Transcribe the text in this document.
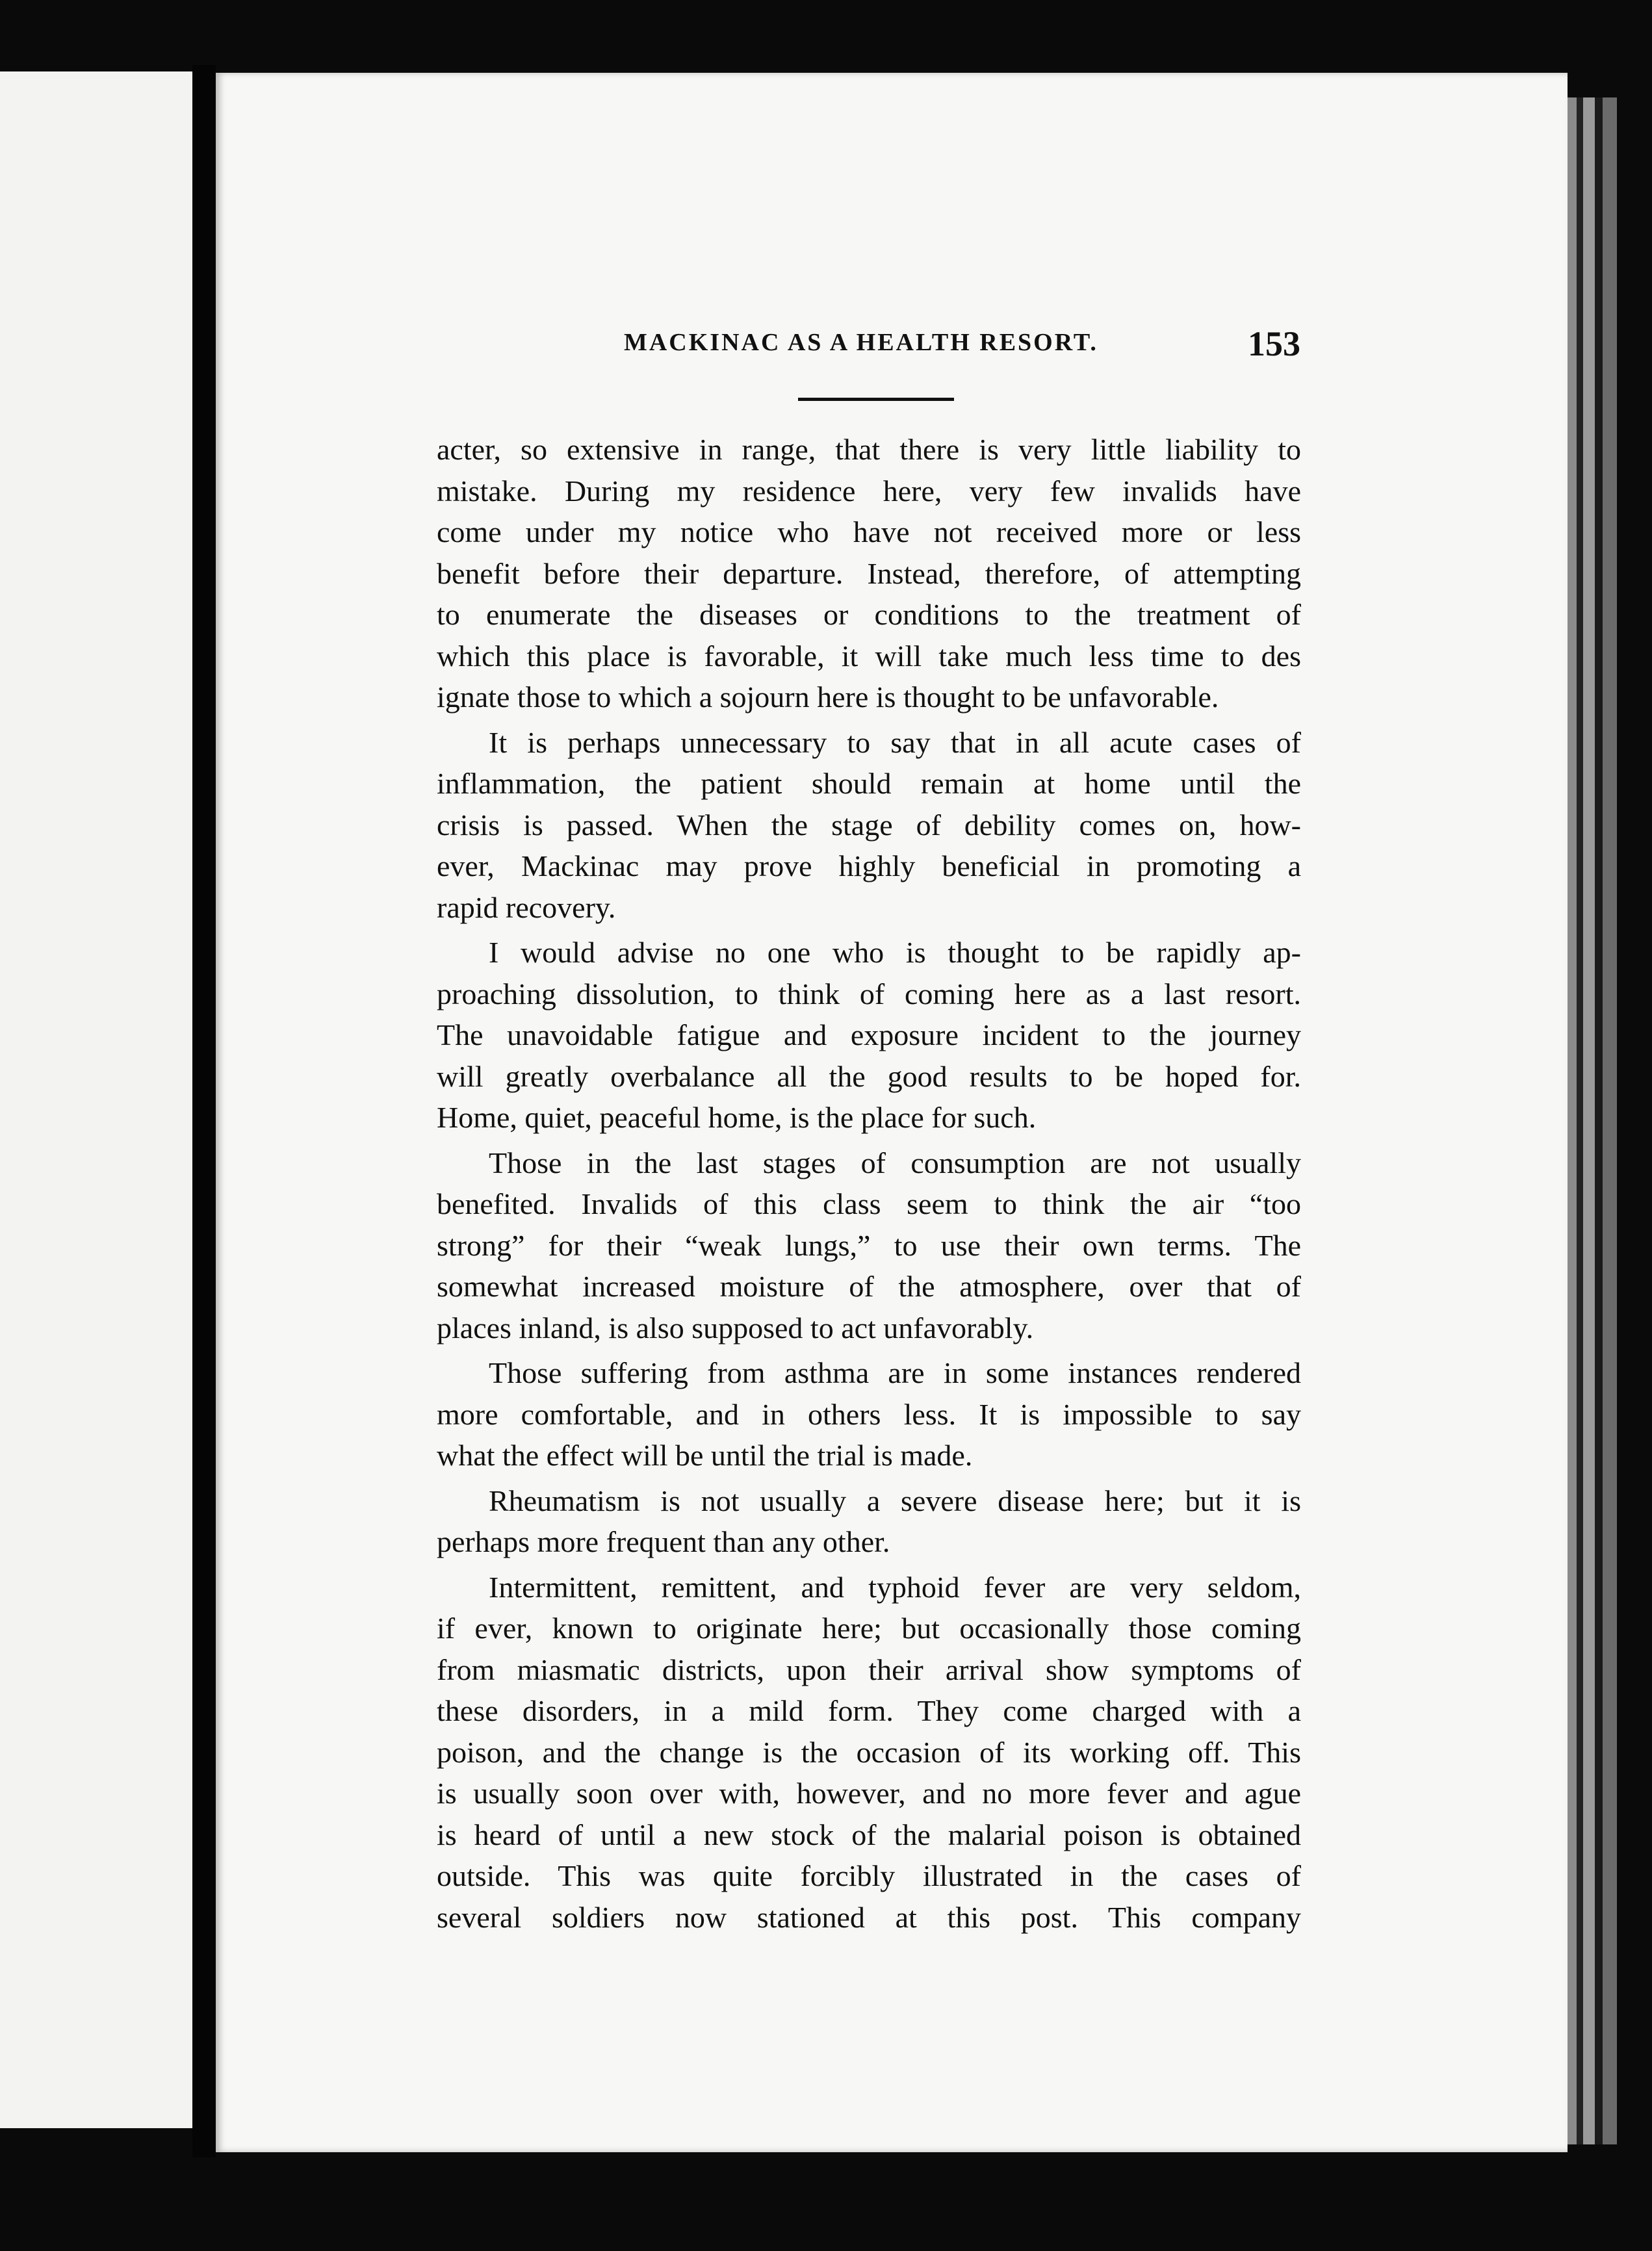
MACKINAC AS A HEALTH RESORT.	153
acter, so extensive in range, that there is very little liability to
mistake. During my residence here, very few invalids have
come under my notice who have not received more or less
benefit before their departure. Instead, therefore, of attempting
to enumerate the diseases or conditions to the treatment of
which this place is favorable, it will take much less time to des
ignate those to which a sojourn here is thought to be unfavorable.
It is perhaps unnecessary to say that in all acute cases of
inflammation, the patient should remain at home until the
crisis is passed. When the stage of debility comes on, how-
ever, Mackinac may prove highly beneficial in promoting a
rapid recovery.
I would advise no one who is thought to be rapidly ap-
proaching dissolution, to think of coming here as a last resort.
The unavoidable fatigue and exposure incident to the journey
will greatly overbalance all the good results to be hoped for.
Home, quiet, peaceful home, is the place for such.
Those in the last stages of consumption are not usually
benefited. Invalids of this class seem to think the air “too
strong” for their “weak lungs,” to use their own terms. The
somewhat increased moisture of the atmosphere, over that of
places inland, is also supposed to act unfavorably.
Those suffering from asthma are in some instances rendered
more comfortable, and in others less. It is impossible to say
what the effect will be until the trial is made.
Rheumatism is not usually a severe disease here; but it is
perhaps more frequent than any other.
Intermittent, remittent, and typhoid fever are very seldom,
if ever, known to originate here; but occasionally those coming
from miasmatic districts, upon their arrival show symptoms of
these disorders, in a mild form. They come charged with a
poison, and the change is the occasion of its working off. This
is usually soon over with, however, and no more fever and ague
is heard of until a new stock of the malarial poison is obtained
outside. This was quite forcibly illustrated in the cases of
several soldiers now stationed at this post. This company
